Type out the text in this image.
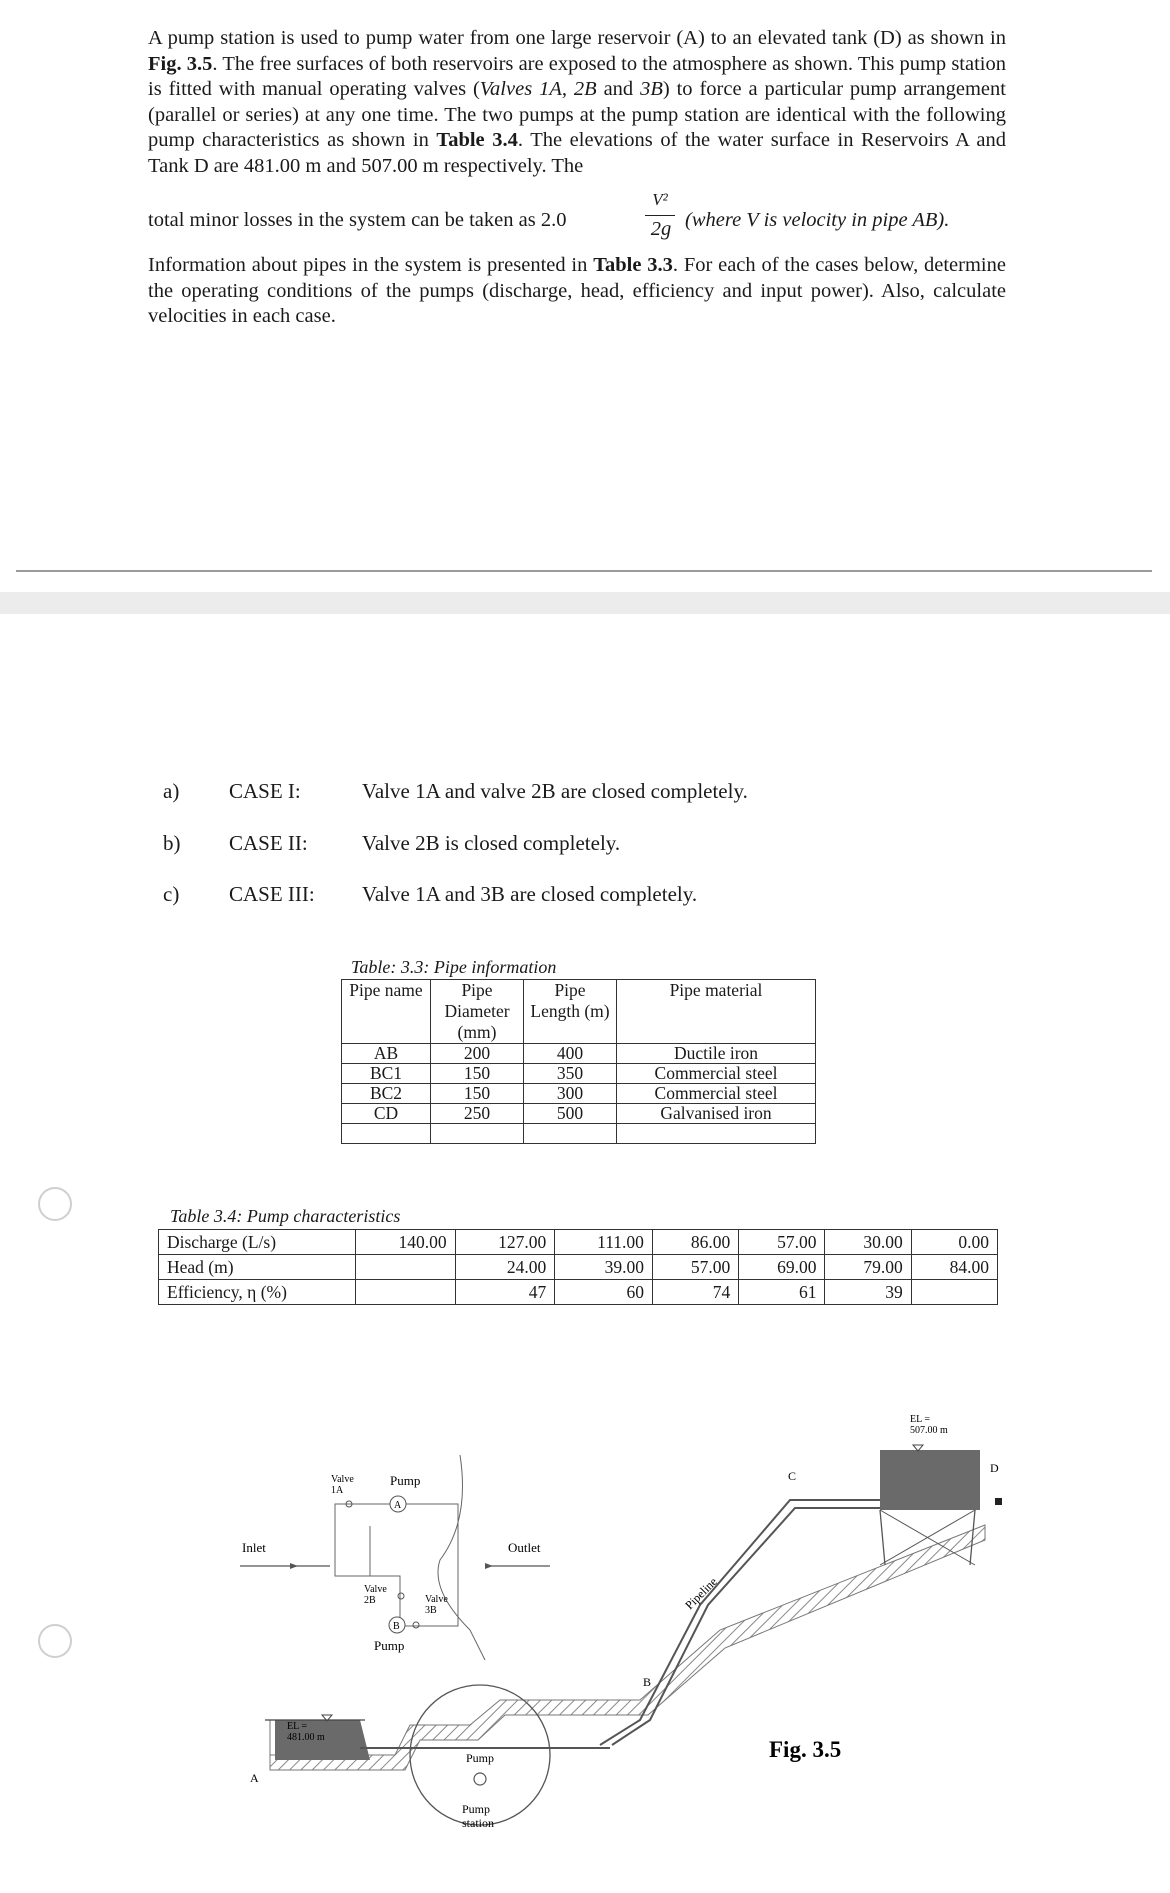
A pump station is used to pump water from one large reservoir (A) to an elevated tank (D) as shown in Fig. 3.5. The free surfaces of both reservoirs are exposed to the atmosphere as shown. This pump station is fitted with manual operating valves (Valves 1A, 2B and 3B) to force a particular pump arrangement (parallel or series) at any one time. The two pumps at the pump station are identical with the following pump characteristics as shown in Table 3.4. The elevations of the water surface in Reservoirs A and Tank D are 481.00 m and 507.00 m respectively. The
total minor losses in the system can be taken as 2.0
V²
2g (where V is velocity in pipe AB).
Information about pipes in the system is presented in Table 3.3. For each of the cases below, determine the operating conditions of the pumps (discharge, head, efficiency and input power). Also, calculate velocities in each case.
a) CASE I:	Valve 1A and valve 2B are closed completely.
b) CASE II:	Valve 2B is closed completely.
c) CASE III: Valve 1A and 3B are closed completely.
Table: 3.3: Pipe information
Pipe name	Pipe Diameter (mm)	Pipe Length (m)	Pipe material
AB	200	400	Ductile iron
BC1	150	350	Commercial steel
BC2	150	300	Commercial steel
CD	250	500	Galvanised iron

Table 3.4: Pump characteristics
Discharge (L/s)	140.00	127.00	111.00	86.00	57.00	30.00	0.00
Head (m)		24.00	39.00	57.00	69.00	79.00	84.00
Efficiency, η (%)		47	60	74	61	39	
EL =
481.00 m
A
Pump
Pump
station
Pipeline
B
C
EL =
507.00 m
D
Inlet	Outlet
Valve
1A
A
Pump
Valve
2B
B
Pump
Valve
3B
Fig. 3.5
